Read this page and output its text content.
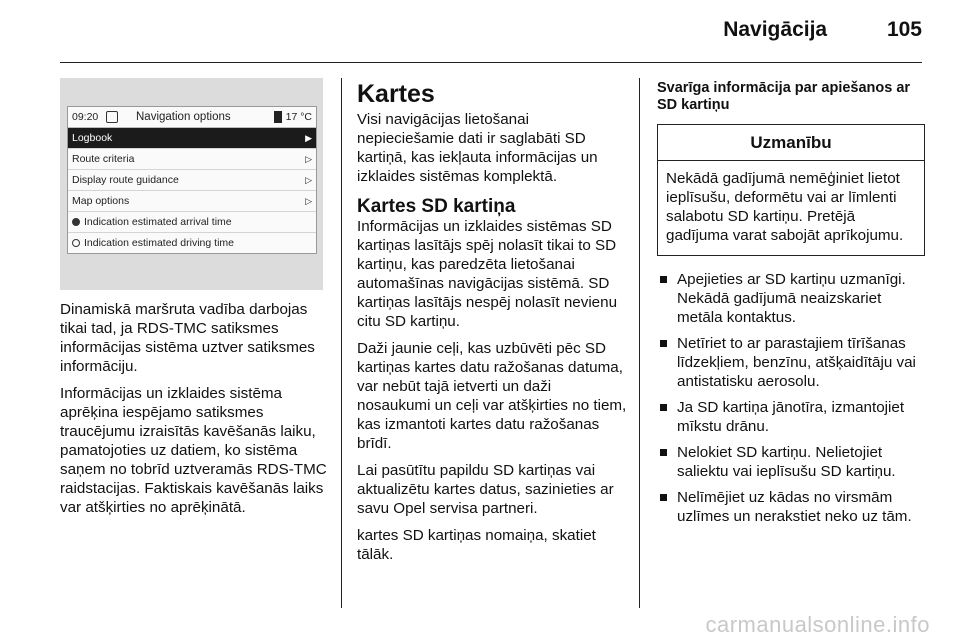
Navigācija	105
09:20	Navigation options	17 °C
Logbook	▶
Route criteria	▷
Display route guidance	▷
Map options	▷
Indication estimated arrival time
Indication estimated driving time

Dinamiskā maršruta vadība darbojas tikai tad, ja RDS-TMC satiksmes informācijas sistēma uztver satiksmes informāciju.

Informācijas un izklaides sistēma aprēķina iespējamo satiksmes traucējumu izraisītās kavēšanās laiku, pamatojoties uz datiem, ko sistēma saņem no tobrīd uztveramās RDS-TMC raidstacijas. Faktiskais kavēšanās laiks var atšķirties no aprēķinātā.

Kartes

Visi navigācijas lietošanai nepieciešamie dati ir saglabāti SD kartiņā, kas iekļauta informācijas un izklaides sistēmas komplektā.

Kartes SD kartiņa

Informācijas un izklaides sistēmas SD kartiņas lasītājs spēj nolasīt tikai to SD kartiņu, kas paredzēta lietošanai automašīnas navigācijas sistēmā. SD kartiņas lasītājs nespēj nolasīt nevienu citu SD kartiņu.

Daži jaunie ceļi, kas uzbūvēti pēc SD kartiņas kartes datu ražošanas datuma, var nebūt tajā ietverti un daži nosaukumi un ceļi var atšķirties no tiem, kas izmantoti kartes datu ražošanas brīdī.

Lai pasūtītu papildu SD kartiņas vai aktualizētu kartes datus, sazinieties ar savu Opel servisa partneri.

kartes SD kartiņas nomaiņa, skatiet tālāk.

Svarīga informācija par apiešanos ar SD kartiņu
Uzmanību
Nekādā gadījumā nemēģiniet lietot ieplīsušu, deformētu vai ar līmlenti salabotu SD kartiņu. Pretējā gadījuma varat sabojāt aprīkojumu.
Apejieties ar SD kartiņu uzmanīgi. Nekādā gadījumā neaizskariet metāla kontaktus.
Netīriet to ar parastajiem tīrīšanas līdzekļiem, benzīnu, atšķaidītāju vai antistatisku aerosolu.
Ja SD kartiņa jānotīra, izmantojiet mīkstu drānu.
Nelokiet SD kartiņu. Nelietojiet saliektu vai ieplīsušu SD kartiņu.
Nelīmējiet uz kādas no virsmām uzlīmes un nerakstiet neko uz tām.
carmanualsonline.info
